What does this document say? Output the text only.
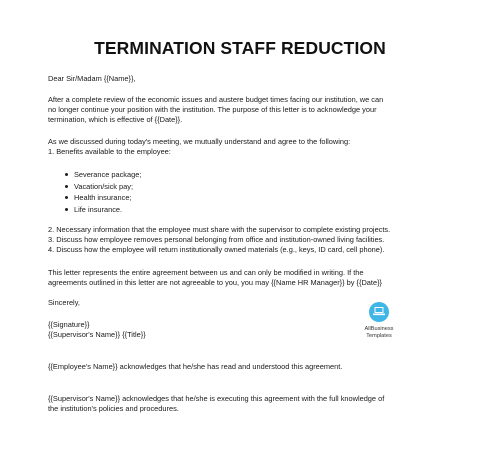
TERMINATION STAFF REDUCTION
Dear Sir/Madam {{Name}},
After a complete review of the economic issues and austere budget times facing our institution, we can
no longer continue your position with the institution. The purpose of this letter is to acknowledge your
termination, which is effective of {{Date}}.
As we discussed during today's meeting, we mutually understand and agree to the following:
1. Benefits available to the employee:
Severance package;
Vacation/sick pay;
Health insurance;
Life insurance.
2. Necessary information that the employee must share with the supervisor to complete existing projects.
3. Discuss how employee removes personal belonging from office and institution-owned living facilities.
4. Discuss how the employee will return institutionally owned materials (e.g., keys, ID card, cell phone).
This letter represents the entire agreement between us and can only be modified in writing. If the
agreements outlined in this letter are not agreeable to you, you may {{Name HR Manager}} by {{Date}}
Sincerely,
{{Signature}}
{{Supervisor's Name}} {{Title}}
{{Employee's Name}} acknowledges that he/she has read and understood this agreement.
{{Supervisor's Name}} acknowledges that he/she is executing this agreement with the full knowledge of
the institution's policies and procedures.
AllBusiness
Templates
